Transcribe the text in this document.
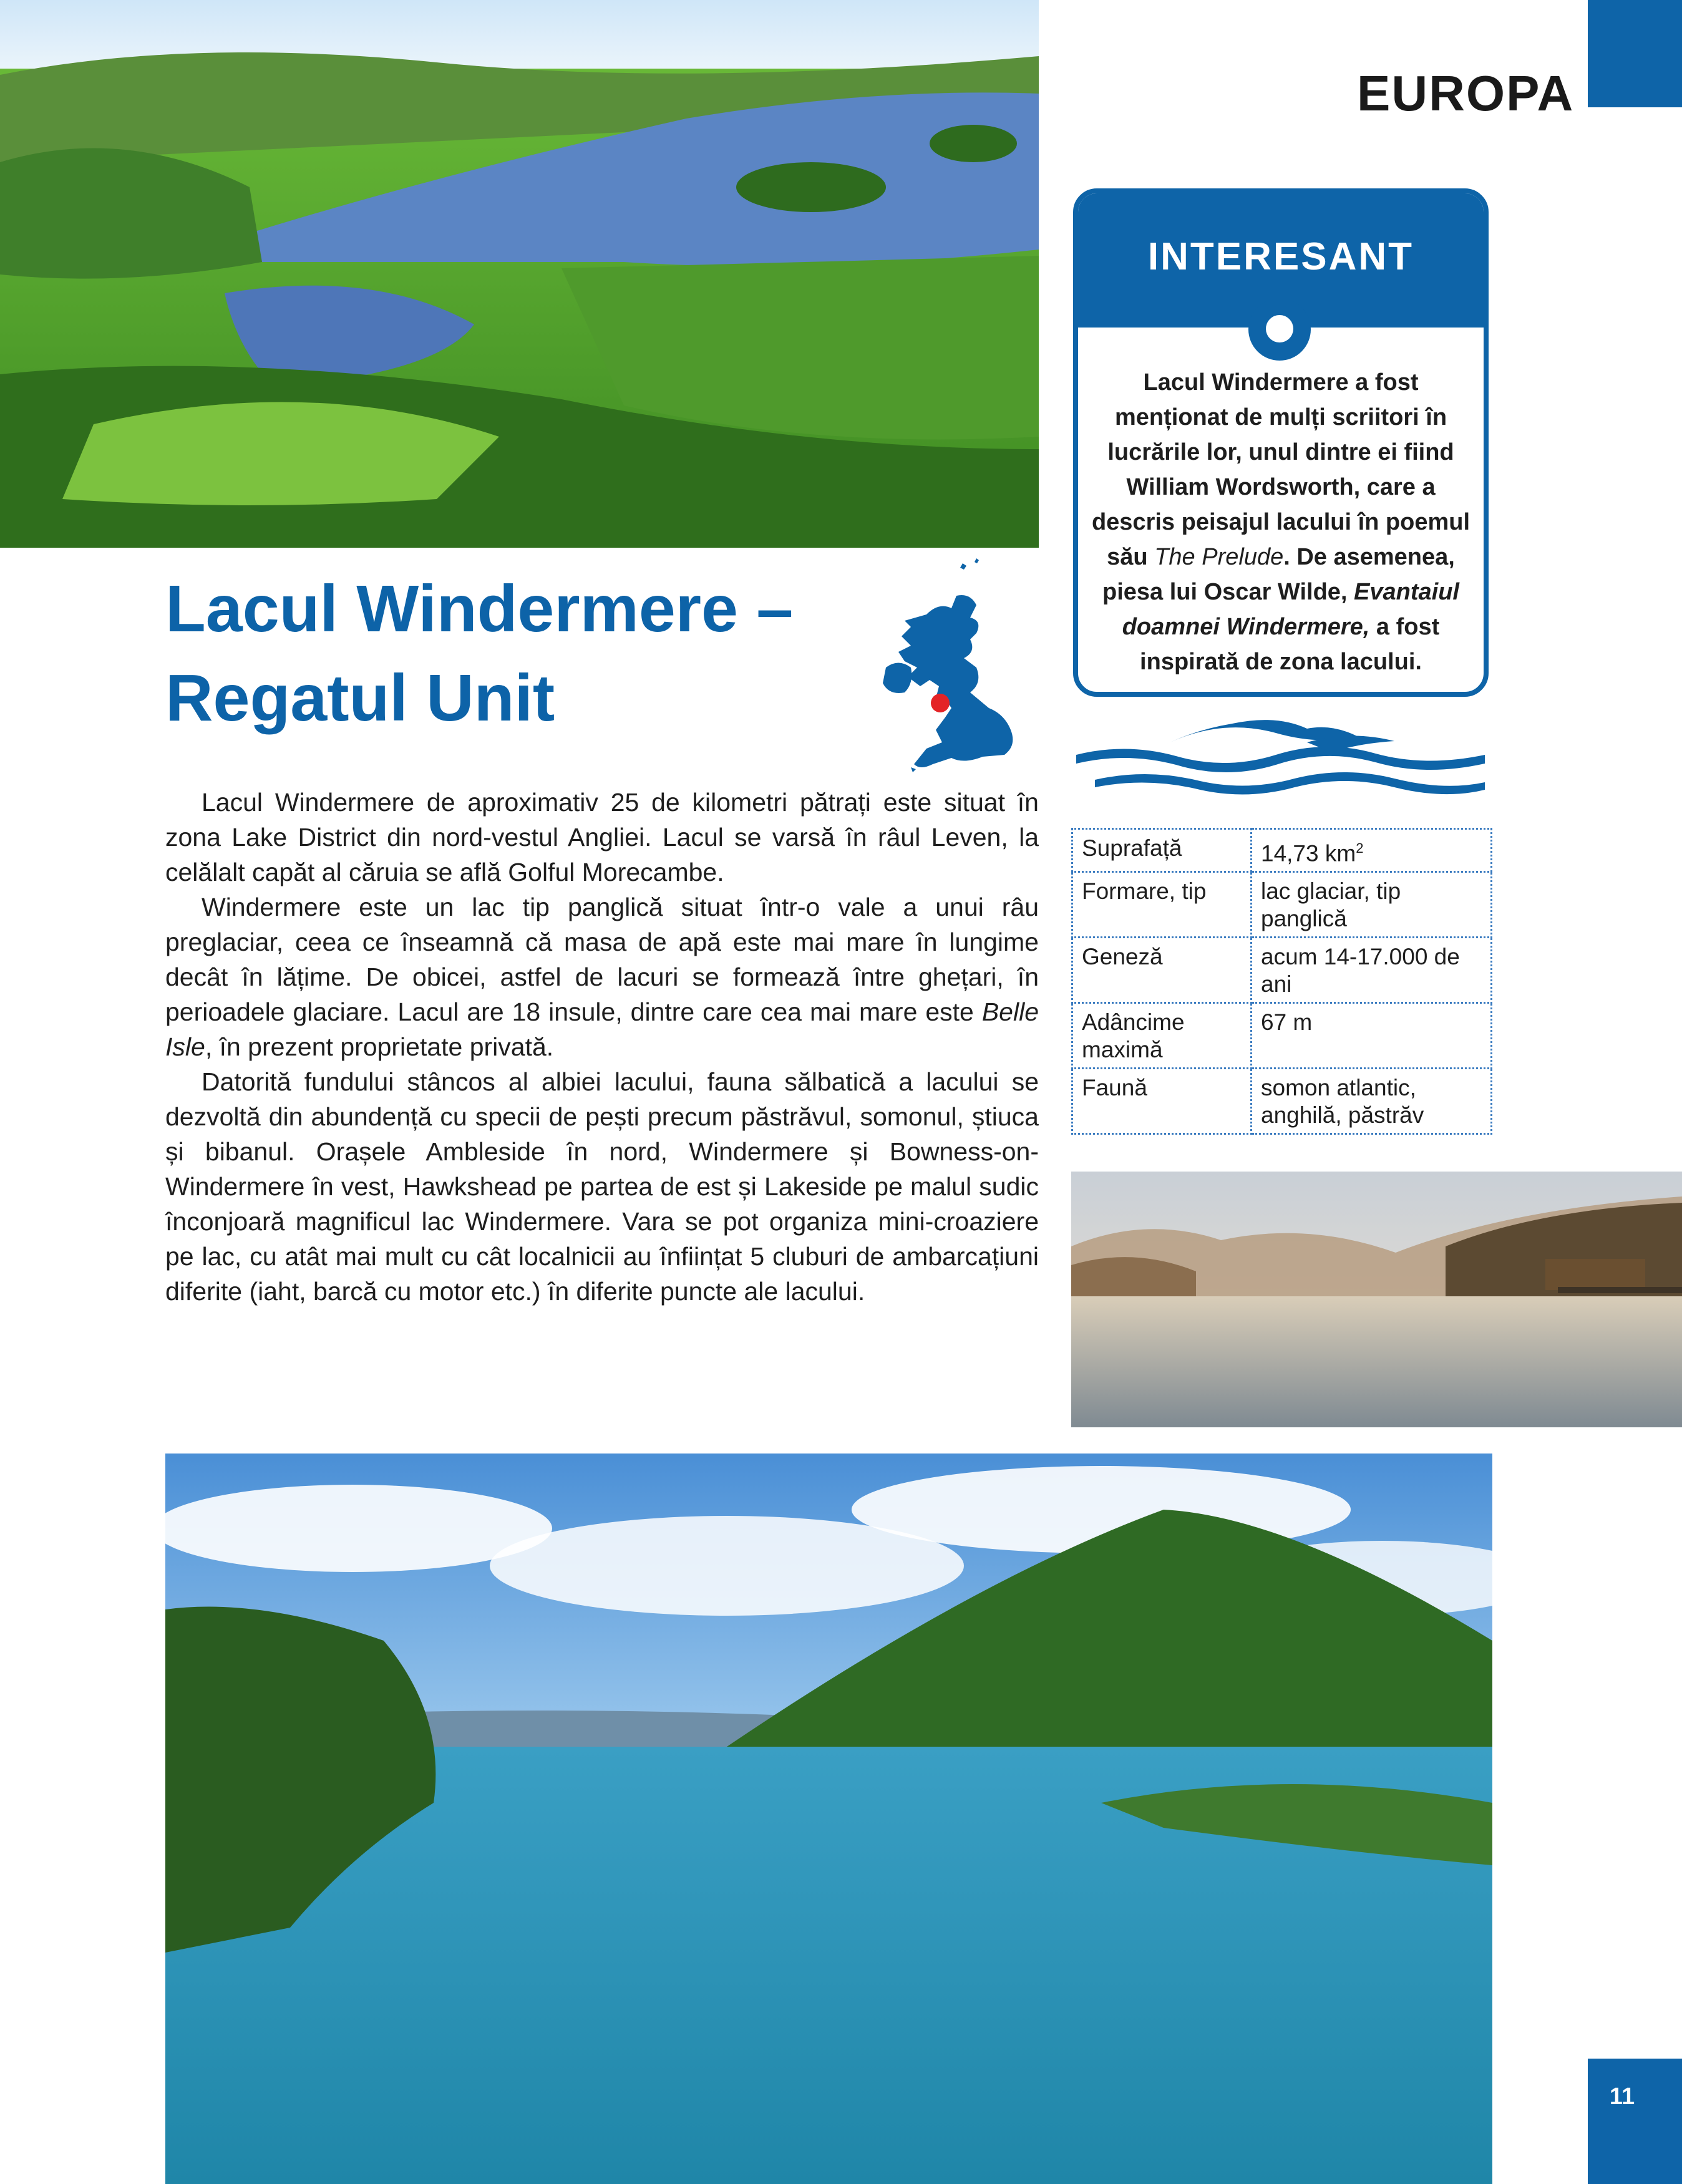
EUROPA
Lacul Windermere –
Regatul Unit

Lacul Windermere de aproximativ 25 de kilometri pătrați este situat în zona Lake District din nord-vestul Angliei. Lacul se varsă în râul Leven, la celălalt capăt al căruia se află Golful Morecambe.

Windermere este un lac tip panglică situat într-o vale a unui râu preglaciar, ceea ce înseamnă că masa de apă este mai mare în lungime decât în lățime. De obicei, astfel de lacuri se formează între ghețari, în perioadele glaciare. Lacul are 18 insule, dintre care cea mai mare este Belle Isle, în prezent proprietate privată.

Datorită fundului stâncos al albiei lacului, fauna sălbatică a lacului se dezvoltă din abundență cu specii de pești precum păstrăvul, somonul, știuca și bibanul. Orașele Ambleside în nord, Windermere și Bowness-on-Windermere în vest, Hawkshead pe partea de est și Lakeside pe malul sudic înconjoară magnificul lac Windermere. Vara se pot organiza mini-croaziere pe lac, cu atât mai mult cu cât localnicii au înființat 5 cluburi de ambarcațiuni diferite (iaht, barcă cu motor etc.) în diferite puncte ale lacului.

INTERESANT
Lacul Windermere a fost menționat de mulți scriitori în lucrările lor, unul dintre ei fiind William Wordsworth, care a descris peisajul lacului în poemul său The Prelude. De asemenea, piesa lui Oscar Wilde, Evantaiul doamnei Windermere, a fost inspirată de zona lacului.
Suprafață	14,73 $km^2$
Formare, tip	lac glaciar, tip panglică
Geneză	acum 14-17.000 de ani
Adâncime maximă	67 m
Faună	somon atlantic, anghilă, păstrăv
11
